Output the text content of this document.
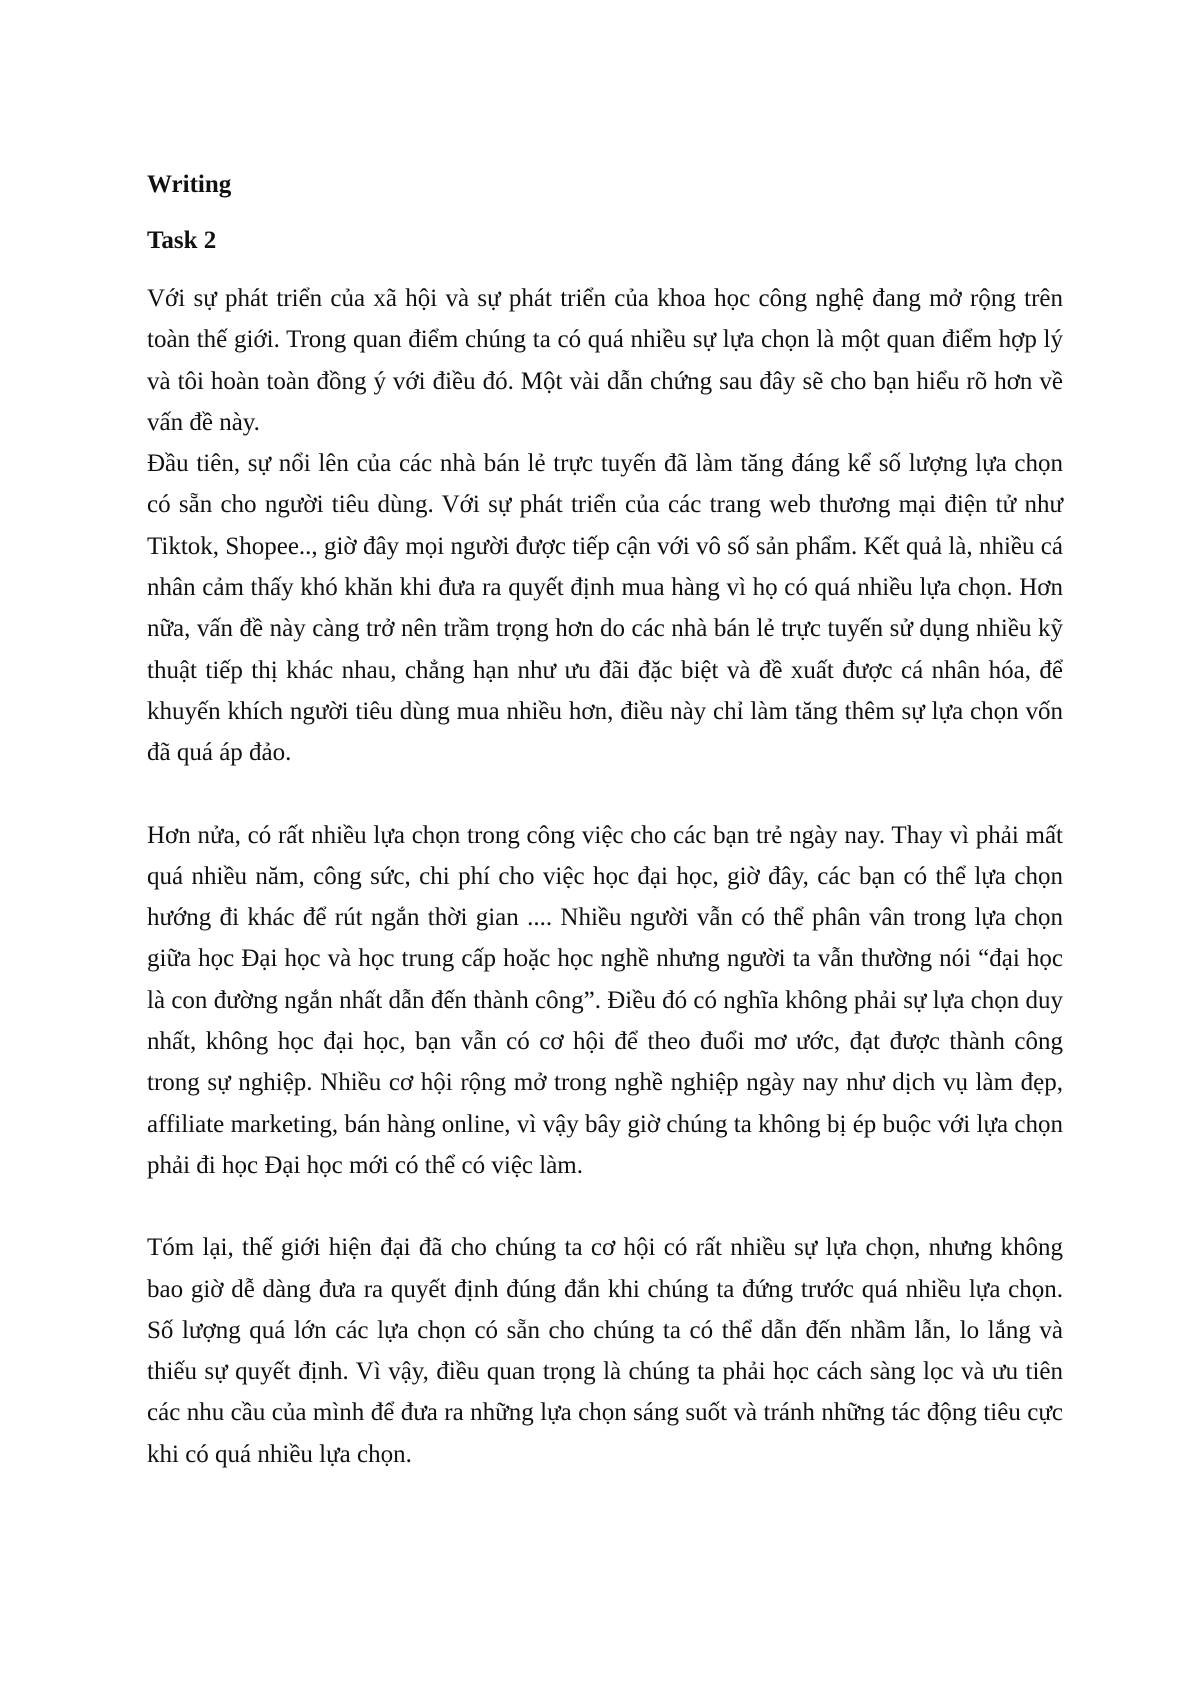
Writing

Task 2

Với sự phát triển của xã hội và sự phát triển của khoa học công nghệ đang mở rộng trên toàn thế giới. Trong quan điểm chúng ta có quá nhiều sự lựa chọn là một quan điểm hợp lý và tôi hoàn toàn đồng ý với điều đó. Một vài dẫn chứng sau đây sẽ cho bạn hiểu rõ hơn về vấn đề này.

Đầu tiên, sự nổi lên của các nhà bán lẻ trực tuyến đã làm tăng đáng kể số lượng lựa chọn có sẵn cho người tiêu dùng. Với sự phát triển của các trang web thương mại điện tử như Tiktok, Shopee.., giờ đây mọi người được tiếp cận với vô số sản phẩm. Kết quả là, nhiều cá nhân cảm thấy khó khăn khi đưa ra quyết định mua hàng vì họ có quá nhiều lựa chọn. Hơn nữa, vấn đề này càng trở nên trầm trọng hơn do các nhà bán lẻ trực tuyến sử dụng nhiều kỹ thuật tiếp thị khác nhau, chẳng hạn như ưu đãi đặc biệt và đề xuất được cá nhân hóa, để khuyến khích người tiêu dùng mua nhiều hơn, điều này chỉ làm tăng thêm sự lựa chọn vốn đã quá áp đảo.

Hơn nửa, có rất nhiều lựa chọn trong công việc cho các bạn trẻ ngày nay. Thay vì phải mất quá nhiều năm, công sức, chi phí cho việc học đại học, giờ đây, các bạn có thể lựa chọn hướng đi khác để rút ngắn thời gian .... Nhiều người vẫn có thể phân vân trong lựa chọn giữa học Đại học và học trung cấp hoặc học nghề nhưng người ta vẫn thường nói “đại học là con đường ngắn nhất dẫn đến thành công”. Điều đó có nghĩa không phải sự lựa chọn duy nhất, không học đại học, bạn vẫn có cơ hội để theo đuổi mơ ước, đạt được thành công trong sự nghiệp. Nhiều cơ hội rộng mở trong nghề nghiệp ngày nay như dịch vụ làm đẹp, affiliate marketing, bán hàng online, vì vậy bây giờ chúng ta không bị ép buộc với lựa chọn phải đi học Đại học mới có thể có việc làm.

Tóm lại, thế giới hiện đại đã cho chúng ta cơ hội có rất nhiều sự lựa chọn, nhưng không bao giờ dễ dàng đưa ra quyết định đúng đắn khi chúng ta đứng trước quá nhiều lựa chọn. Số lượng quá lớn các lựa chọn có sẵn cho chúng ta có thể dẫn đến nhầm lẫn, lo lắng và thiếu sự quyết định. Vì vậy, điều quan trọng là chúng ta phải học cách sàng lọc và ưu tiên các nhu cầu của mình để đưa ra những lựa chọn sáng suốt và tránh những tác động tiêu cực khi có quá nhiều lựa chọn.
